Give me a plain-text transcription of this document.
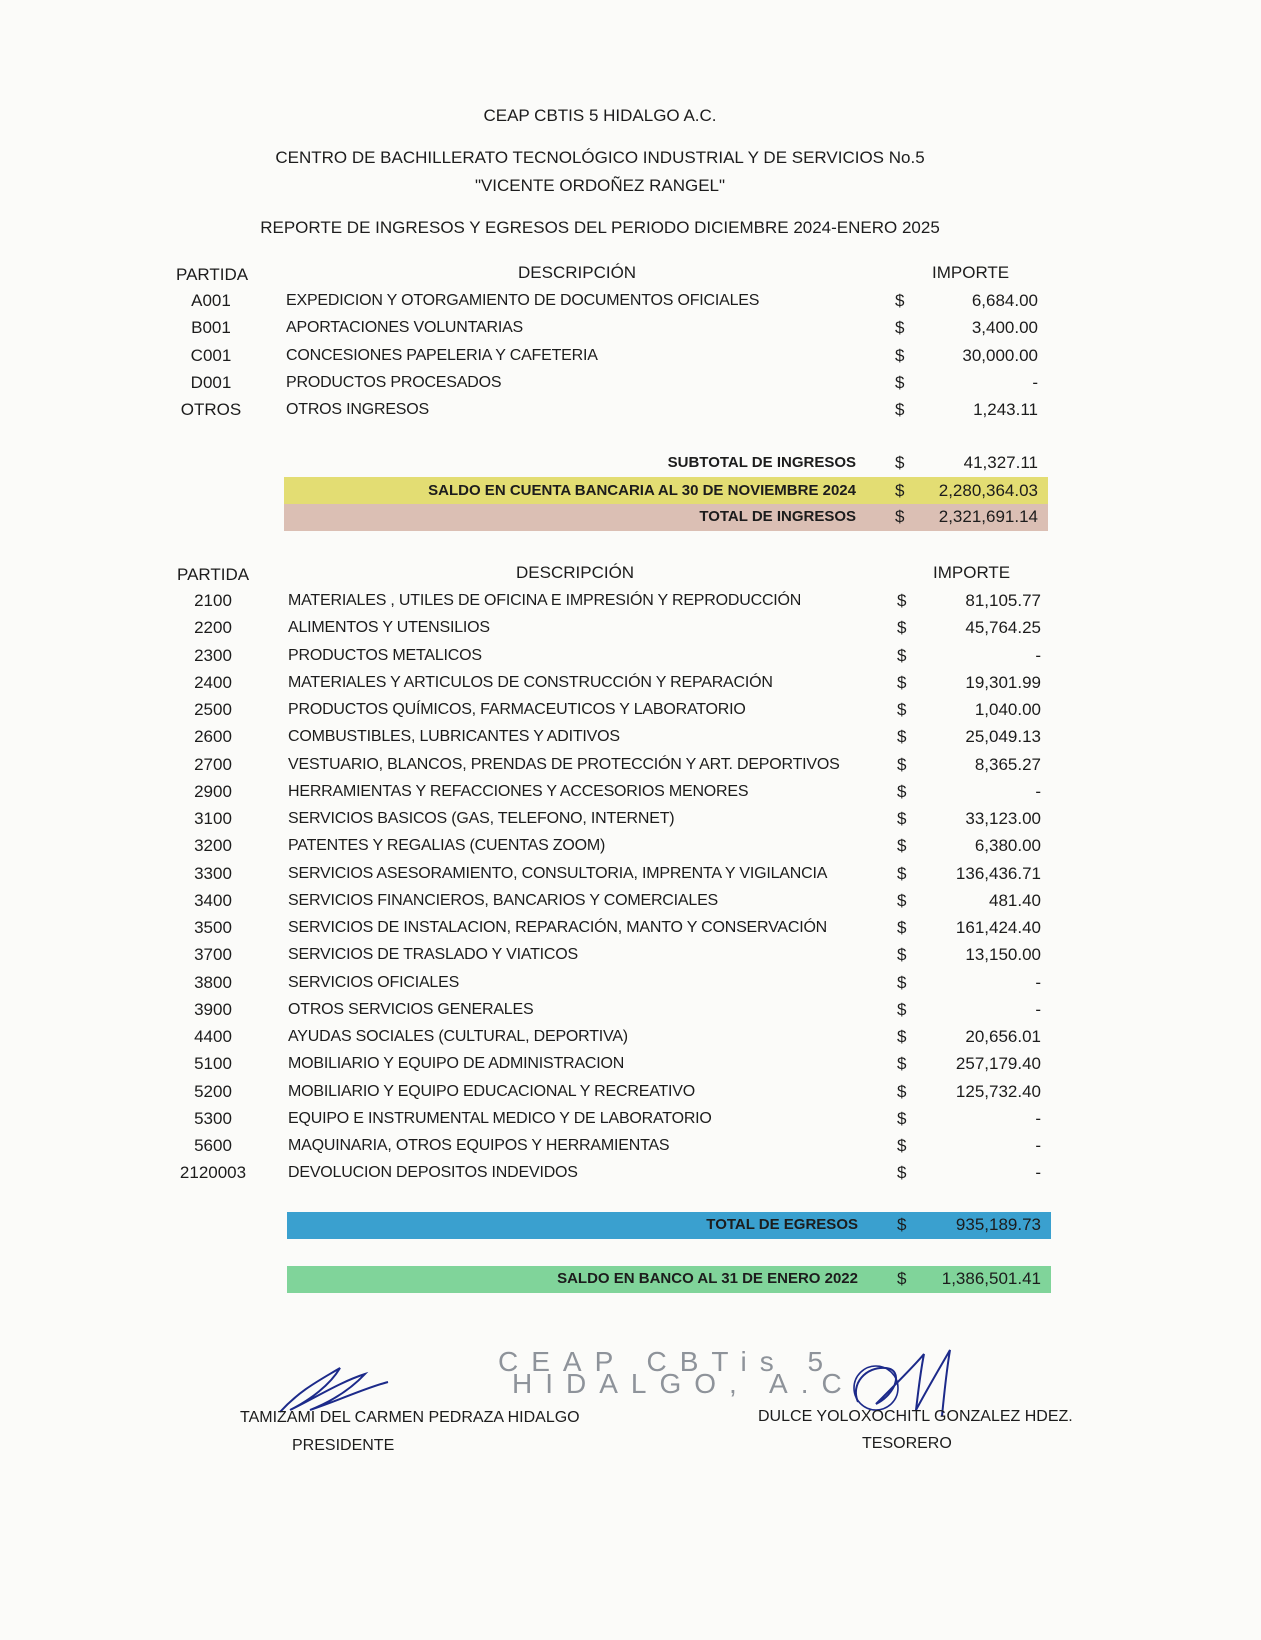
CEAP CBTIS 5 HIDALGO A.C.
CENTRO DE BACHILLERATO TECNOLÓGICO INDUSTRIAL Y DE SERVICIOS No.5
"VICENTE ORDOÑEZ RANGEL"
REPORTE DE INGRESOS Y EGRESOS DEL PERIODO DICIEMBRE 2024-ENERO 2025
PARTIDA	DESCRIPCIÓN	IMPORTE
A001	EXPEDICION Y OTORGAMIENTO DE DOCUMENTOS OFICIALES	$	6,684.00
B001	APORTACIONES VOLUNTARIAS	$	3,400.00
C001	CONCESIONES PAPELERIA Y CAFETERIA	$	30,000.00
D001	PRODUCTOS PROCESADOS	$	-
OTROS	OTROS INGRESOS	$	1,243.11
SUBTOTAL DE INGRESOS $	41,327.11
SALDO EN CUENTA BANCARIA AL 30 DE NOVIEMBRE 2024 $	2,280,364.03
TOTAL DE INGRESOS $	2,321,691.14
PARTIDA	DESCRIPCIÓN	IMPORTE
2100	MATERIALES , UTILES DE OFICINA E IMPRESIÓN Y REPRODUCCIÓN	$	81,105.77
2200	ALIMENTOS Y UTENSILIOS	$	45,764.25
2300	PRODUCTOS METALICOS	$	-
2400	MATERIALES Y ARTICULOS DE CONSTRUCCIÓN Y REPARACIÓN	$	19,301.99
2500	PRODUCTOS QUÍMICOS, FARMACEUTICOS Y LABORATORIO	$	1,040.00
2600	COMBUSTIBLES, LUBRICANTES Y ADITIVOS	$	25,049.13
2700	VESTUARIO, BLANCOS, PRENDAS DE PROTECCIÓN Y ART. DEPORTIVOS	$	8,365.27
2900	HERRAMIENTAS Y REFACCIONES Y ACCESORIOS MENORES	$	-
3100	SERVICIOS BASICOS (GAS, TELEFONO, INTERNET)	$	33,123.00
3200	PATENTES Y REGALIAS (CUENTAS ZOOM)	$	6,380.00
3300	SERVICIOS ASESORAMIENTO, CONSULTORIA, IMPRENTA Y VIGILANCIA	$	136,436.71
3400	SERVICIOS FINANCIEROS, BANCARIOS Y COMERCIALES	$	481.40
3500	SERVICIOS DE INSTALACION, REPARACIÓN, MANTO Y CONSERVACIÓN	$	161,424.40
3700	SERVICIOS DE TRASLADO Y VIATICOS	$	13,150.00
3800	SERVICIOS OFICIALES	$	-
3900	OTROS SERVICIOS GENERALES	$	-
4400	AYUDAS SOCIALES (CULTURAL, DEPORTIVA)	$	20,656.01
5100	MOBILIARIO Y EQUIPO DE ADMINISTRACION	$	257,179.40
5200	MOBILIARIO Y EQUIPO EDUCACIONAL Y RECREATIVO	$	125,732.40
5300	EQUIPO E INSTRUMENTAL MEDICO Y DE LABORATORIO	$	-
5600	MAQUINARIA, OTROS EQUIPOS Y HERRAMIENTAS	$	-
2120003	DEVOLUCION DEPOSITOS INDEVIDOS	$	-
TOTAL DE EGRESOS $	935,189.73
SALDO EN BANCO AL 31 DE ENERO 2022 $	1,386,501.41
CEAP CBTis 5
HIDALGO, A.C
TAMIZAMI DEL CARMEN PEDRAZA HIDALGO
PRESIDENTE
DULCE YOLOXOCHITL GONZALEZ HDEZ.
TESORERO
